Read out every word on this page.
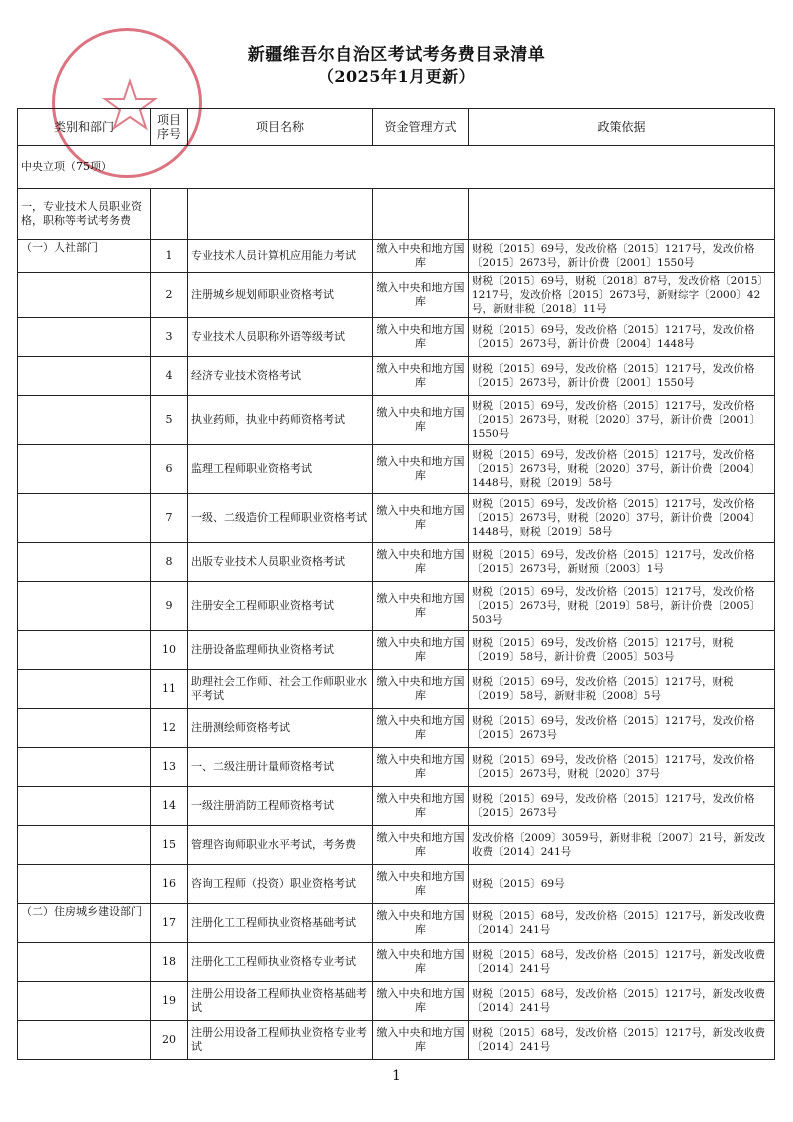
新疆维吾尔自治区考试考务费目录清单
（2025年1月更新）
类别和部门	项目序号	项目名称	资金管理方式	政策依据
中央立项（75项）				
一，专业技术人员职业资格，职称等考试考务费				
（一）人社部门	1	专业技术人员计算机应用能力考试	缴入中央和地方国库	财税〔2015〕69号，发改价格〔2015〕1217号，发改价格〔2015〕2673号，新计价费〔2001〕1550号
	2	注册城乡规划师职业资格考试	缴入中央和地方国库	财税〔2015〕69号，财税〔2018〕87号，发改价格〔2015〕1217号，发改价格〔2015〕2673号，新财综字〔2000〕42号，新财非税〔2018〕11号
	3	专业技术人员职称外语等级考试	缴入中央和地方国库	财税〔2015〕69号，发改价格〔2015〕1217号，发改价格〔2015〕2673号，新计价费〔2004〕1448号
	4	经济专业技术资格考试	缴入中央和地方国库	财税〔2015〕69号，发改价格〔2015〕1217号，发改价格〔2015〕2673号，新计价费〔2001〕1550号
	5	执业药师，执业中药师资格考试	缴入中央和地方国库	财税〔2015〕69号，发改价格〔2015〕1217号，发改价格〔2015〕2673号，财税〔2020〕37号，新计价费〔2001〕1550号
	6	监理工程师职业资格考试	缴入中央和地方国库	财税〔2015〕69号，发改价格〔2015〕1217号，发改价格〔2015〕2673号，财税〔2020〕37号，新计价费〔2004〕1448号，财税〔2019〕58号
	7	一级、二级造价工程师职业资格考试	缴入中央和地方国库	财税〔2015〕69号，发改价格〔2015〕1217号，发改价格〔2015〕2673号，财税〔2020〕37号，新计价费〔2004〕1448号，财税〔2019〕58号
	8	出版专业技术人员职业资格考试	缴入中央和地方国库	财税〔2015〕69号，发改价格〔2015〕1217号，发改价格〔2015〕2673号，新财预〔2003〕1号
	9	注册安全工程师职业资格考试	缴入中央和地方国库	财税〔2015〕69号，发改价格〔2015〕1217号，发改价格〔2015〕2673号，财税〔2019〕58号，新计价费〔2005〕503号
	10	注册设备监理师执业资格考试	缴入中央和地方国库	财税〔2015〕69号，发改价格〔2015〕1217号，财税〔2019〕58号，新计价费〔2005〕503号
	11	助理社会工作师、社会工作师职业水平考试	缴入中央和地方国库	财税〔2015〕69号，发改价格〔2015〕1217号，财税〔2019〕58号，新财非税〔2008〕5号
	12	注册测绘师资格考试	缴入中央和地方国库	财税〔2015〕69号，发改价格〔2015〕1217号，发改价格〔2015〕2673号
	13	一、二级注册计量师资格考试	缴入中央和地方国库	财税〔2015〕69号，发改价格〔2015〕1217号，发改价格〔2015〕2673号，财税〔2020〕37号
	14	一级注册消防工程师资格考试	缴入中央和地方国库	财税〔2015〕69号，发改价格〔2015〕1217号，发改价格〔2015〕2673号
	15	管理咨询师职业水平考试，考务费	缴入中央和地方国库	发改价格〔2009〕3059号，新财非税〔2007〕21号，新发改收费〔2014〕241号
	16	咨询工程师（投资）职业资格考试	缴入中央和地方国库	财税〔2015〕69号
（二）住房城乡建设部门	17	注册化工工程师执业资格基础考试	缴入中央和地方国库	财税〔2015〕68号，发改价格〔2015〕1217号，新发改收费〔2014〕241号
	18	注册化工工程师执业资格专业考试	缴入中央和地方国库	财税〔2015〕68号，发改价格〔2015〕1217号，新发改收费〔2014〕241号
	19	注册公用设备工程师执业资格基础考试	缴入中央和地方国库	财税〔2015〕68号，发改价格〔2015〕1217号，新发改收费〔2014〕241号
	20	注册公用设备工程师执业资格专业考试	缴入中央和地方国库	财税〔2015〕68号，发改价格〔2015〕1217号，新发改收费〔2014〕241号
1
